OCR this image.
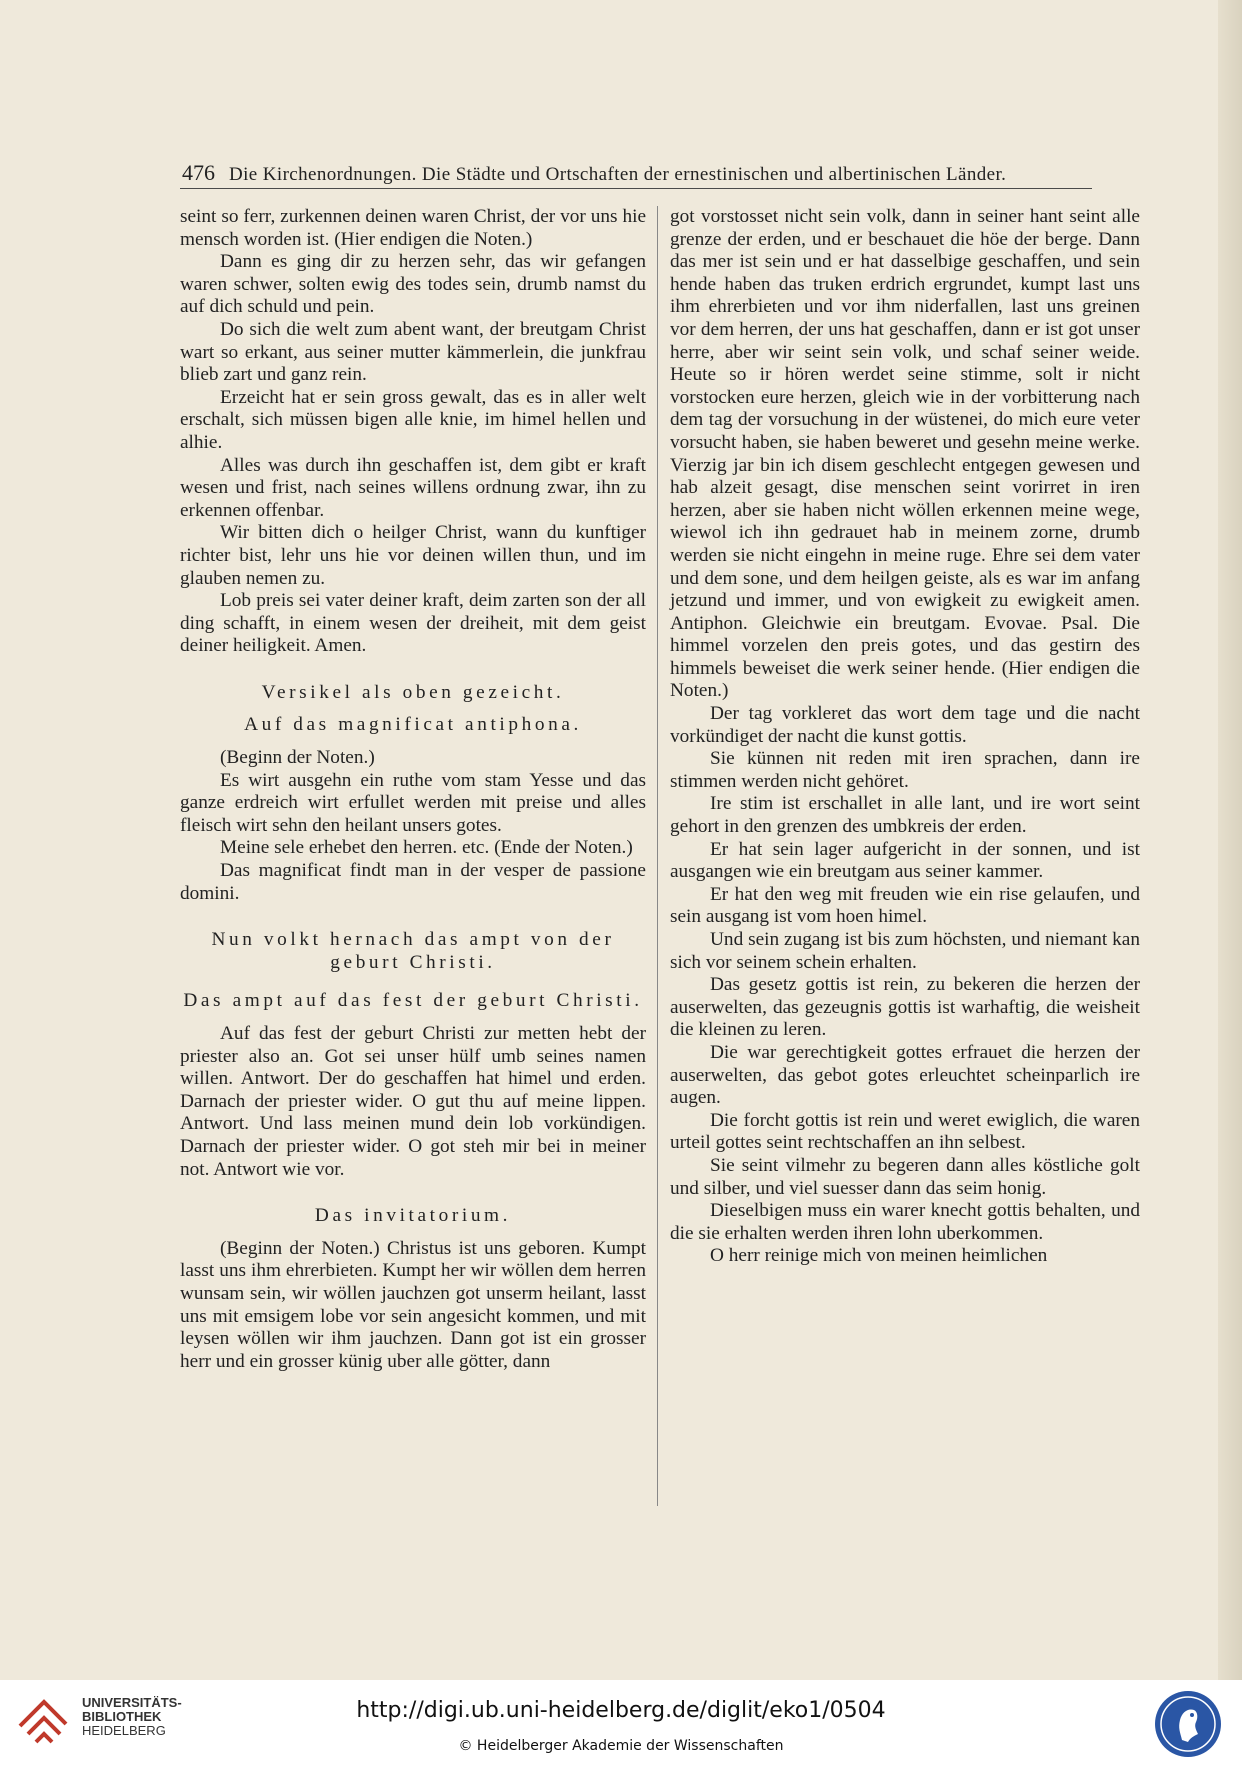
476 Die Kirchenordnungen. Die Städte und Ortschaften der ernestinischen und albertinischen Länder.

seint so ferr, zurkennen deinen waren Christ, der vor uns hie mensch worden ist. (Hier endigen die Noten.)

Dann es ging dir zu herzen sehr, das wir gefangen waren schwer, solten ewig des todes sein, drumb namst du auf dich schuld und pein.

Do sich die welt zum abent want, der breutgam Christ wart so erkant, aus seiner mutter kämmerlein, die junkfrau blieb zart und ganz rein.

Erzeicht hat er sein gross gewalt, das es in aller welt erschalt, sich müssen bigen alle knie, im himel hellen und alhie.

Alles was durch ihn geschaffen ist, dem gibt er kraft wesen und frist, nach seines willens ordnung zwar, ihn zu erkennen offenbar.

Wir bitten dich o heilger Christ, wann du kunftiger richter bist, lehr uns hie vor deinen willen thun, und im glauben nemen zu.

Lob preis sei vater deiner kraft, deim zarten son der all ding schafft, in einem wesen der dreiheit, mit dem geist deiner heiligkeit. Amen.

Versikel als oben gezeicht.

Auf das magnificat antiphona.

(Beginn der Noten.)

Es wirt ausgehn ein ruthe vom stam Yesse und das ganze erdreich wirt erfullet werden mit preise und alles fleisch wirt sehn den heilant unsers gotes.

Meine sele erhebet den herren. etc. (Ende der Noten.)

Das magnificat findt man in der vesper de passione domini.

Nun volkt hernach das ampt von der geburt Christi.

Das ampt auf das fest der geburt Christi.

Auf das fest der geburt Christi zur metten hebt der priester also an. Got sei unser hülf umb seines namen willen. Antwort. Der do geschaffen hat himel und erden. Darnach der priester wider. O gut thu auf meine lippen. Antwort. Und lass meinen mund dein lob vorkündigen. Darnach der priester wider. O got steh mir bei in meiner not. Antwort wie vor.

Das invitatorium.

(Beginn der Noten.) Christus ist uns geboren. Kumpt lasst uns ihm ehrerbieten. Kumpt her wir wöllen dem herren wunsam sein, wir wöllen jauchzen got unserm heilant, lasst uns mit emsigem lobe vor sein angesicht kommen, und mit leysen wöllen wir ihm jauchzen. Dann got ist ein grosser herr und ein grosser künig uber alle götter, dann

got vorstosset nicht sein volk, dann in seiner hant seint alle grenze der erden, und er beschauet die höe der berge. Dann das mer ist sein und er hat dasselbige geschaffen, und sein hende haben das truken erdrich ergrundet, kumpt last uns ihm ehrerbieten und vor ihm niderfallen, last uns greinen vor dem herren, der uns hat geschaffen, dann er ist got unser herre, aber wir seint sein volk, und schaf seiner weide. Heute so ir hören werdet seine stimme, solt ir nicht vorstocken eure herzen, gleich wie in der vorbitterung nach dem tag der vorsuchung in der wüstenei, do mich eure veter vorsucht haben, sie haben beweret und gesehn meine werke. Vierzig jar bin ich disem geschlecht entgegen gewesen und hab alzeit gesagt, dise menschen seint vorirret in iren herzen, aber sie haben nicht wöllen erkennen meine wege, wiewol ich ihn gedrauet hab in meinem zorne, drumb werden sie nicht eingehn in meine ruge. Ehre sei dem vater und dem sone, und dem heilgen geiste, als es war im anfang jetzund und immer, und von ewigkeit zu ewigkeit amen. Antiphon. Gleichwie ein breutgam. Evovae. Psal. Die himmel vorzelen den preis gotes, und das gestirn des himmels beweiset die werk seiner hende. (Hier endigen die Noten.)

Der tag vorkleret das wort dem tage und die nacht vorkündiget der nacht die kunst gottis.

Sie künnen nit reden mit iren sprachen, dann ire stimmen werden nicht gehöret.

Ire stim ist erschallet in alle lant, und ire wort seint gehort in den grenzen des umbkreis der erden.

Er hat sein lager aufgericht in der sonnen, und ist ausgangen wie ein breutgam aus seiner kammer.

Er hat den weg mit freuden wie ein rise gelaufen, und sein ausgang ist vom hoen himel.

Und sein zugang ist bis zum höchsten, und niemant kan sich vor seinem schein erhalten.

Das gesetz gottis ist rein, zu bekeren die herzen der auserwelten, das gezeugnis gottis ist warhaftig, die weisheit die kleinen zu leren.

Die war gerechtigkeit gottes erfrauet die herzen der auserwelten, das gebot gotes erleuchtet scheinparlich ire augen.

Die forcht gottis ist rein und weret ewiglich, die waren urteil gottes seint rechtschaffen an ihn selbest.

Sie seint vilmehr zu begeren dann alles köstliche golt und silber, und viel suesser dann das seim honig.

Dieselbigen muss ein warer knecht gottis behalten, und die sie erhalten werden ihren lohn uberkommen.

O herr reinige mich von meinen heimlichen

UNIVERSITÄTS-
BIBLIOTHEK
HEIDELBERG
http://digi.ub.uni-heidelberg.de/diglit/eko1/0504
© Heidelberger Akademie der Wissenschaften
